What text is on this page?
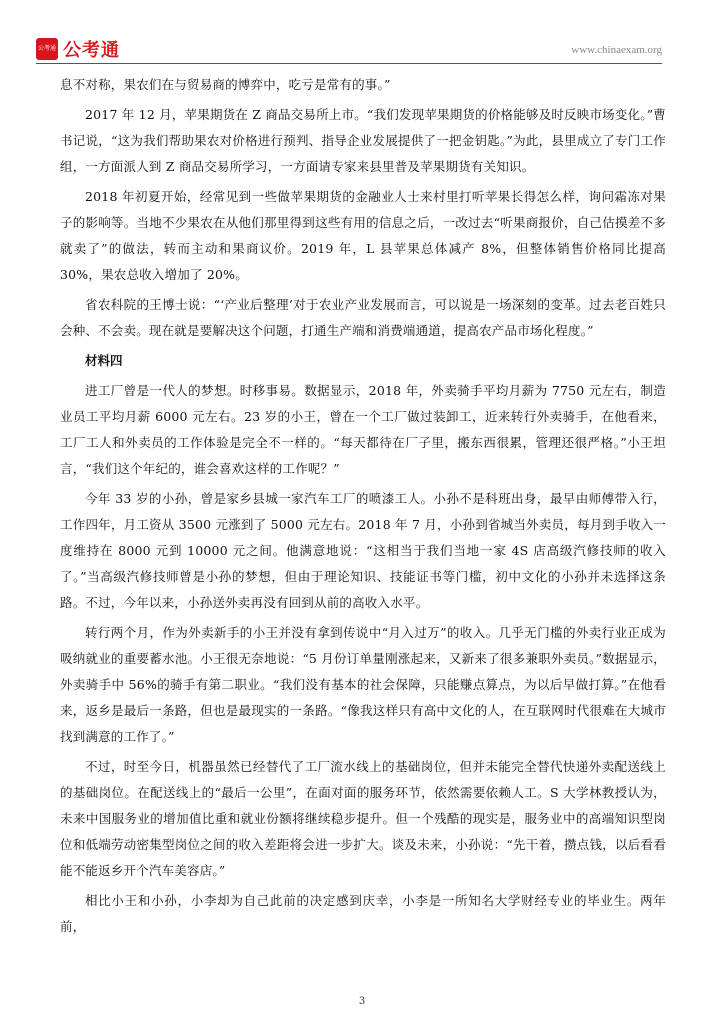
公考通 公考通	www.chinaexam.org

息不对称，果农们在与贸易商的博弈中，吃亏是常有的事。”

2017 年 12 月，苹果期货在 Z 商品交易所上市。“我们发现苹果期货的价格能够及时反映市场变化。”曹书记说，“这为我们帮助果农对价格进行预判、指导企业发展提供了一把金钥匙。”为此，县里成立了专门工作组，一方面派人到 Z 商品交易所学习，一方面请专家来县里普及苹果期货有关知识。

2018 年初夏开始，经常见到一些做苹果期货的金融业人士来村里打听苹果长得怎么样，询问霜冻对果子的影响等。当地不少果农在从他们那里得到这些有用的信息之后，一改过去“听果商报价，自己估摸差不多就卖了”的做法，转而主动和果商议价。2019 年，L 县苹果总体减产 8%，但整体销售价格同比提高 30%，果农总收入增加了 20%。

省农科院的王博士说：“‘产业后整理’对于农业产业发展而言，可以说是一场深刻的变革。过去老百姓只会种、不会卖。现在就是要解决这个问题，打通生产端和消费端通道，提高农产品市场化程度。”

材料四

进工厂曾是一代人的梦想。时移事易。数据显示，2018 年，外卖骑手平均月薪为 7750 元左右，制造业员工平均月薪 6000 元左右。23 岁的小王，曾在一个工厂做过装卸工，近来转行外卖骑手，在他看来，工厂工人和外卖员的工作体验是完全不一样的。“每天都待在厂子里，搬东西很累，管理还很严格。”小王坦言，“我们这个年纪的，谁会喜欢这样的工作呢？”

今年 33 岁的小孙，曾是家乡县城一家汽车工厂的喷漆工人。小孙不是科班出身，最早由师傅带入行，工作四年，月工资从 3500 元涨到了 5000 元左右。2018 年 7 月，小孙到省城当外卖员，每月到手收入一度维持在 8000 元到 10000 元之间。他满意地说：“这相当于我们当地一家 4S 店高级汽修技师的收入了。”当高级汽修技师曾是小孙的梦想，但由于理论知识、技能证书等门槛，初中文化的小孙并未选择这条路。不过，今年以来，小孙送外卖再没有回到从前的高收入水平。

转行两个月，作为外卖新手的小王并没有拿到传说中“月入过万”的收入。几乎无门槛的外卖行业正成为吸纳就业的重要蓄水池。小王很无奈地说：“5 月份订单量刚涨起来，又新来了很多兼职外卖员。”数据显示，外卖骑手中 56%的骑手有第二职业。“我们没有基本的社会保障，只能赚点算点，为以后早做打算。”在他看来，返乡是最后一条路，但也是最现实的一条路。“像我这样只有高中文化的人，在互联网时代很难在大城市找到满意的工作了。”

不过，时至今日，机器虽然已经替代了工厂流水线上的基础岗位，但并未能完全替代快递外卖配送线上的基础岗位。在配送线上的“最后一公里”，在面对面的服务环节，依然需要依赖人工。S 大学林教授认为，未来中国服务业的增加值比重和就业份额将继续稳步提升。但一个残酷的现实是，服务业中的高端知识型岗位和低端劳动密集型岗位之间的收入差距将会进一步扩大。谈及未来，小孙说：“先干着，攒点钱，以后看看能不能返乡开个汽车美容店。”

相比小王和小孙，小李却为自己此前的决定感到庆幸，小李是一所知名大学财经专业的毕业生。两年前，

3
